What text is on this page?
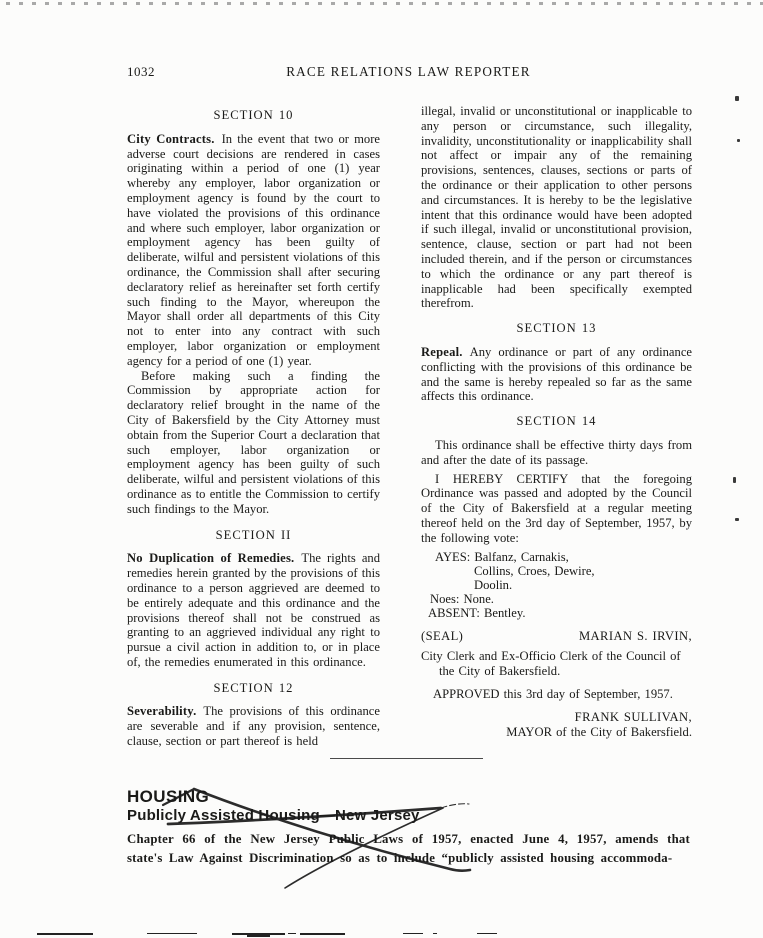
1032	RACE RELATIONS LAW REPORTER
SECTION 10

City Contracts. In the event that two or more adverse court decisions are rendered in cases originating within a period of one (1) year whereby any employer, labor organization or employment agency is found by the court to have violated the provisions of this ordinance and where such employer, labor organization or employment agency has been guilty of deliberate, wilful and persistent violations of this ordinance, the Commission shall after securing declaratory relief as hereinafter set forth certify such finding to the Mayor, whereupon the Mayor shall order all departments of this City not to enter into any contract with such employer, labor organization or employment agency for a period of one (1) year.

Before making such a finding the Commission by appropriate action for declaratory relief brought in the name of the City of Bakersfield by the City Attorney must obtain from the Superior Court a declaration that such employer, labor organization or employment agency has been guilty of such deliberate, wilful and persistent violations of this ordinance as to entitle the Commission to certify such findings to the Mayor.

SECTION II

No Duplication of Remedies. The rights and remedies herein granted by the provisions of this ordinance to a person aggrieved are deemed to be entirely adequate and this ordinance and the provisions thereof shall not be construed as granting to an aggrieved individual any right to pursue a civil action in addition to, or in place of, the remedies enumerated in this ordinance.

SECTION 12

Severability. The provisions of this ordinance are severable and if any provision, sentence, clause, section or part thereof is held

illegal, invalid or unconstitutional or inapplicable to any person or circumstance, such illegality, invalidity, unconstitutionality or inapplicability shall not affect or impair any of the remaining provisions, sentences, clauses, sections or parts of the ordinance or their application to other persons and circumstances. It is hereby to be the legislative intent that this ordinance would have been adopted if such illegal, invalid or unconstitutional provision, sentence, clause, section or part had not been included therein, and if the person or circumstances to which the ordinance or any part thereof is inapplicable had been specifically exempted therefrom.

SECTION 13

Repeal. Any ordinance or part of any ordinance conflicting with the provisions of this ordinance be and the same is hereby repealed so far as the same affects this ordinance.

SECTION 14

This ordinance shall be effective thirty days from and after the date of its passage.

I HEREBY CERTIFY that the foregoing Ordinance was passed and adopted by the Council of the City of Bakersfield at a regular meeting thereof held on the 3rd day of September, 1957, by the following vote:

AYES: Balfanz, Carnakis,
Collins, Croes, Dewire,
Doolin.
Noes: None.
ABSENT: Bentley.
(SEAL)	MARIAN S. IRVIN,

City Clerk and Ex-Officio Clerk of the Council of the City of Bakersfield.

APPROVED this 3rd day of September, 1957.

FRANK SULLIVAN,

MAYOR of the City of Bakersfield.

HOUSING
Publicly Assisted Housing—New Jersey

Chapter 66 of the New Jersey Public Laws of 1957, enacted June 4, 1957, amends that state's Law Against Discrimination so as to include “publicly assisted housing accommoda-
